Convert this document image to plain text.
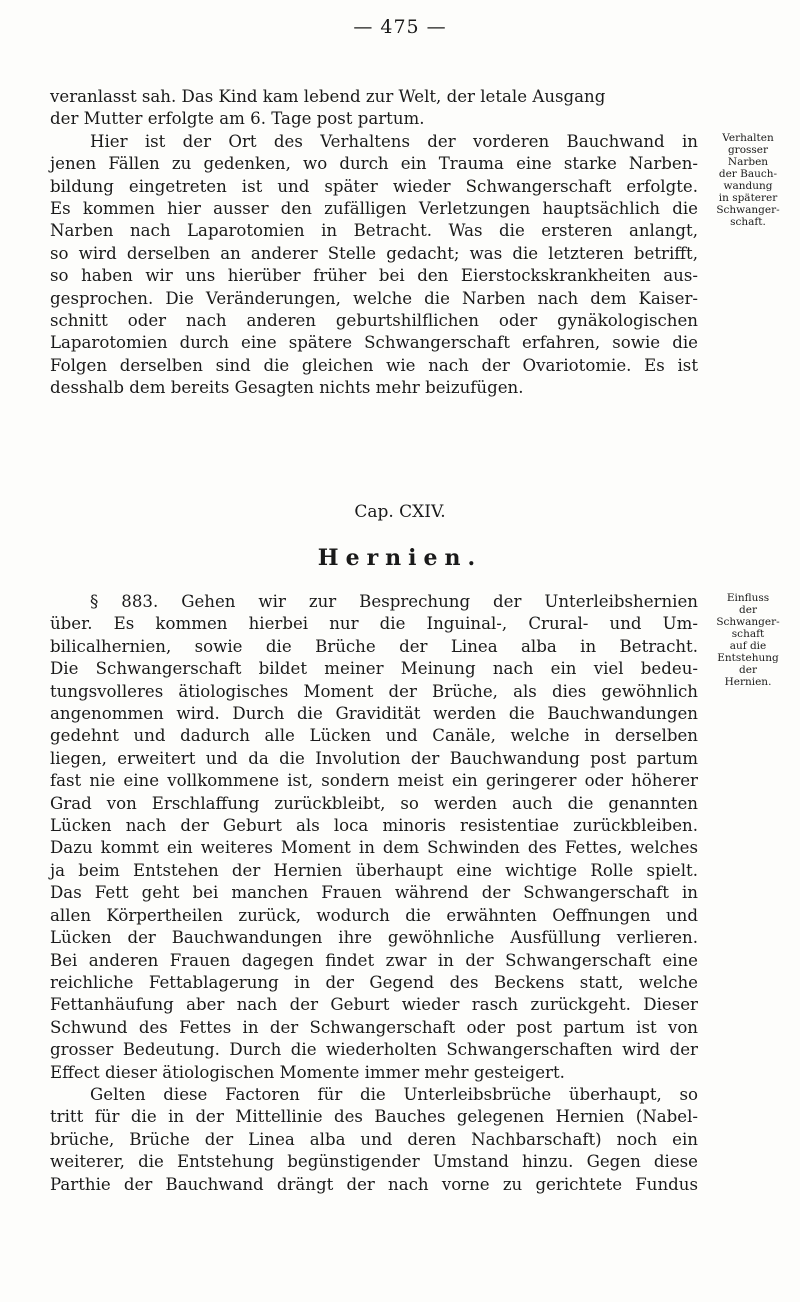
— 475 —
veranlasst sah. Das Kind kam lebend zur Welt, der letale Ausgang
der Mutter erfolgte am 6. Tage post partum.
Hier ist der Ort des Verhaltens der vorderen Bauchwand in
jenen Fällen zu gedenken, wo durch ein Trauma eine starke Narben-
bildung eingetreten ist und später wieder Schwangerschaft erfolgte.
Es kommen hier ausser den zufälligen Verletzungen hauptsächlich die
Narben nach Laparotomien in Betracht. Was die ersteren anlangt,
so wird derselben an anderer Stelle gedacht; was die letzteren betrifft,
so haben wir uns hierüber früher bei den Eierstockskrankheiten aus-
gesprochen. Die Veränderungen, welche die Narben nach dem Kaiser-
schnitt oder nach anderen geburtshilflichen oder gynäkologischen
Laparotomien durch eine spätere Schwangerschaft erfahren, sowie die
Folgen derselben sind die gleichen wie nach der Ovariotomie. Es ist
desshalb dem bereits Gesagten nichts mehr beizufügen.
Verhalten
grosser
Narben
der Bauch-
wandung
in späterer
Schwanger-
schaft.
Cap. CXIV.
Hernien.
§ 883. Gehen wir zur Besprechung der Unterleibshernien
über. Es kommen hierbei nur die Inguinal-, Crural- und Um-
bilicalhernien, sowie die Brüche der Linea alba in Betracht.
Die Schwangerschaft bildet meiner Meinung nach ein viel bedeu-
tungsvolleres ätiologisches Moment der Brüche, als dies gewöhnlich
angenommen wird. Durch die Gravidität werden die Bauchwandungen
gedehnt und dadurch alle Lücken und Canäle, welche in derselben
liegen, erweitert und da die Involution der Bauchwandung post partum
fast nie eine vollkommene ist, sondern meist ein geringerer oder höherer
Grad von Erschlaffung zurückbleibt, so werden auch die genannten
Lücken nach der Geburt als loca minoris resistentiae zurückbleiben.
Dazu kommt ein weiteres Moment in dem Schwinden des Fettes, welches
ja beim Entstehen der Hernien überhaupt eine wichtige Rolle spielt.
Das Fett geht bei manchen Frauen während der Schwangerschaft in
allen Körpertheilen zurück, wodurch die erwähnten Oeffnungen und
Lücken der Bauchwandungen ihre gewöhnliche Ausfüllung verlieren.
Bei anderen Frauen dagegen findet zwar in der Schwangerschaft eine
reichliche Fettablagerung in der Gegend des Beckens statt, welche
Fettanhäufung aber nach der Geburt wieder rasch zurückgeht. Dieser
Schwund des Fettes in der Schwangerschaft oder post partum ist von
grosser Bedeutung. Durch die wiederholten Schwangerschaften wird der
Effect dieser ätiologischen Momente immer mehr gesteigert.
Gelten diese Factoren für die Unterleibsbrüche überhaupt, so
tritt für die in der Mittellinie des Bauches gelegenen Hernien (Nabel-
brüche, Brüche der Linea alba und deren Nachbarschaft) noch ein
weiterer, die Entstehung begünstigender Umstand hinzu. Gegen diese
Parthie der Bauchwand drängt der nach vorne zu gerichtete Fundus
Einfluss
der
Schwanger-
schaft
auf die
Entstehung
der
Hernien.
